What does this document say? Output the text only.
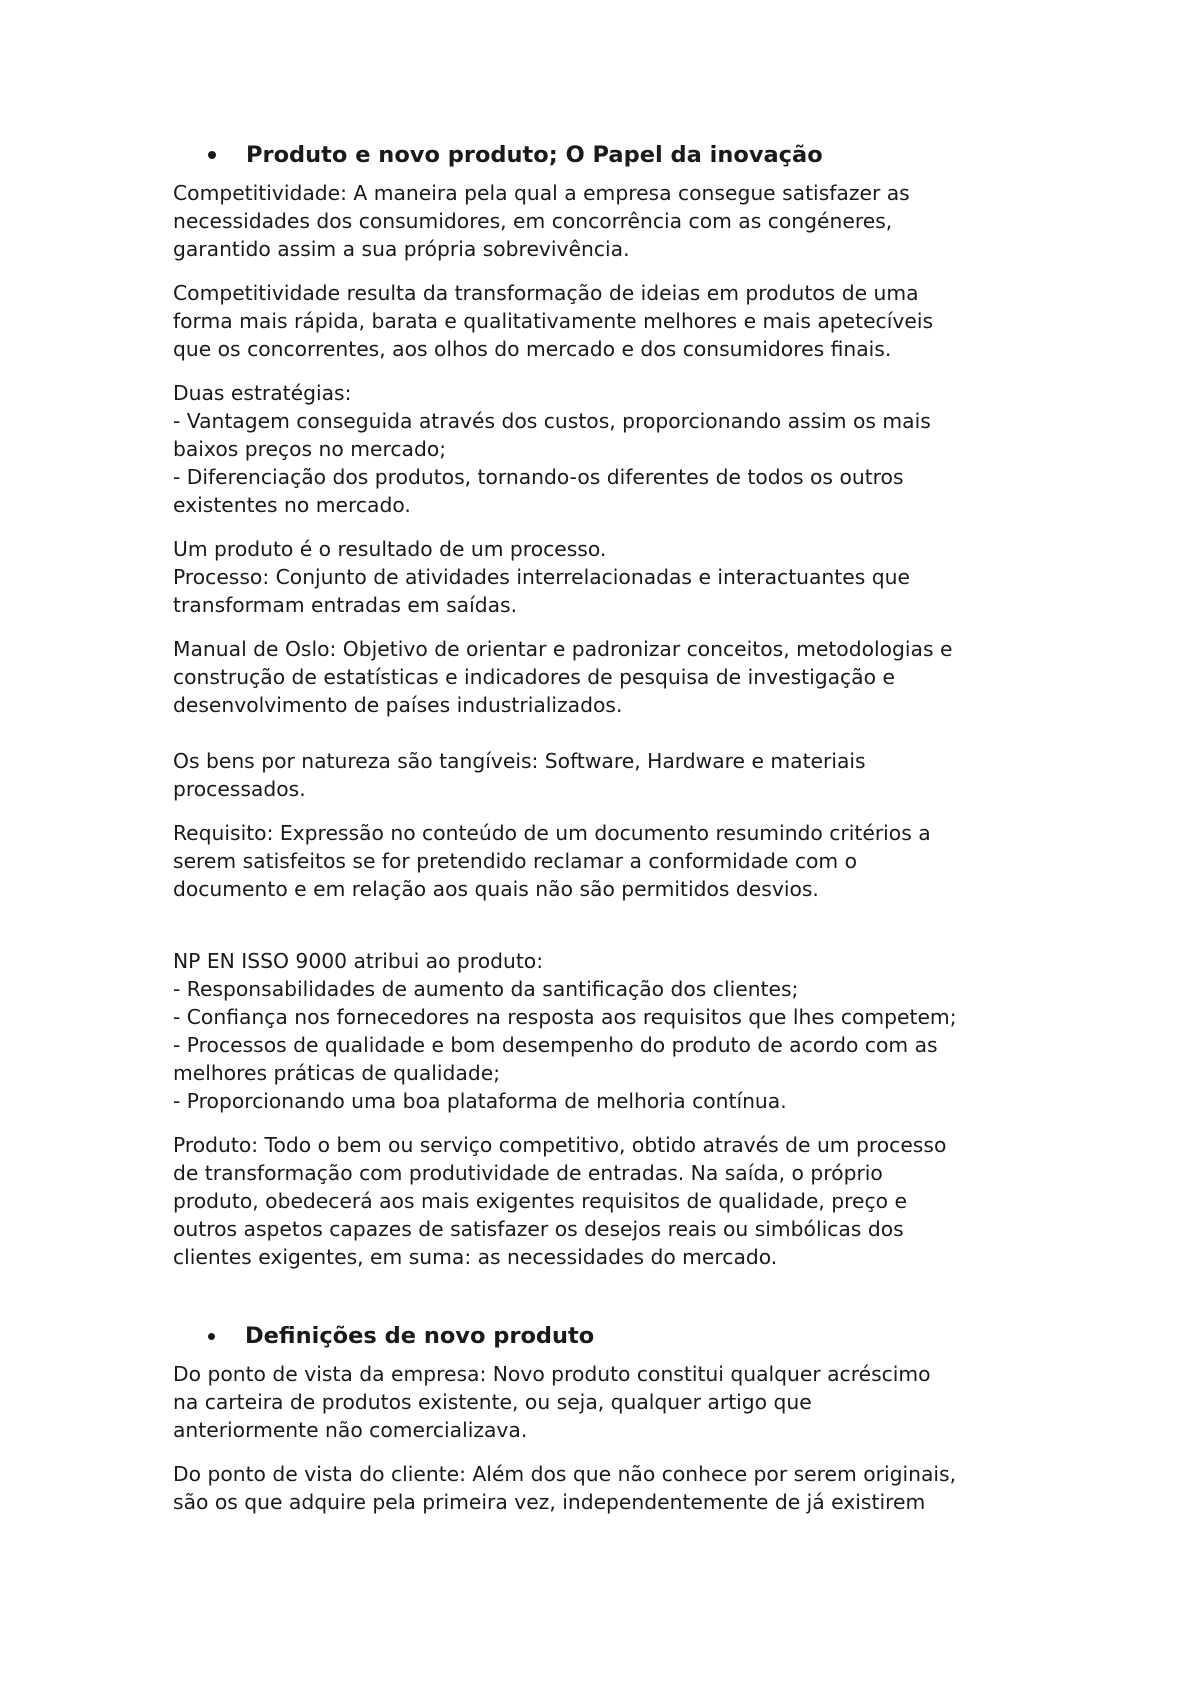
Produto e novo produto; O Papel da inovação

Competitividade: A maneira pela qual a empresa consegue satisfazer as
necessidades dos consumidores, em concorrência com as congéneres,
garantido assim a sua própria sobrevivência.

Competitividade resulta da transformação de ideias em produtos de uma
forma mais rápida, barata e qualitativamente melhores e mais apetecíveis
que os concorrentes, aos olhos do mercado e dos consumidores finais.

Duas estratégias:
- Vantagem conseguida através dos custos, proporcionando assim os mais
baixos preços no mercado;
- Diferenciação dos produtos, tornando-os diferentes de todos os outros
existentes no mercado.

Um produto é o resultado de um processo.
Processo: Conjunto de atividades interrelacionadas e interactuantes que
transformam entradas em saídas.

Manual de Oslo: Objetivo de orientar e padronizar conceitos, metodologias e
construção de estatísticas e indicadores de pesquisa de investigação e
desenvolvimento de países industrializados.

Os bens por natureza são tangíveis: Software, Hardware e materiais
processados.

Requisito: Expressão no conteúdo de um documento resumindo critérios a
serem satisfeitos se for pretendido reclamar a conformidade com o
documento e em relação aos quais não são permitidos desvios.

NP EN ISSO 9000 atribui ao produto:
- Responsabilidades de aumento da santificação dos clientes;
- Confiança nos fornecedores na resposta aos requisitos que lhes competem;
- Processos de qualidade e bom desempenho do produto de acordo com as
melhores práticas de qualidade;
- Proporcionando uma boa plataforma de melhoria contínua.

Produto: Todo o bem ou serviço competitivo, obtido através de um processo
de transformação com produtividade de entradas. Na saída, o próprio
produto, obedecerá aos mais exigentes requisitos de qualidade, preço e
outros aspetos capazes de satisfazer os desejos reais ou simbólicas dos
clientes exigentes, em suma: as necessidades do mercado.

Definições de novo produto

Do ponto de vista da empresa: Novo produto constitui qualquer acréscimo
na carteira de produtos existente, ou seja, qualquer artigo que
anteriormente não comercializava.

Do ponto de vista do cliente: Além dos que não conhece por serem originais,
são os que adquire pela primeira vez, independentemente de já existirem
